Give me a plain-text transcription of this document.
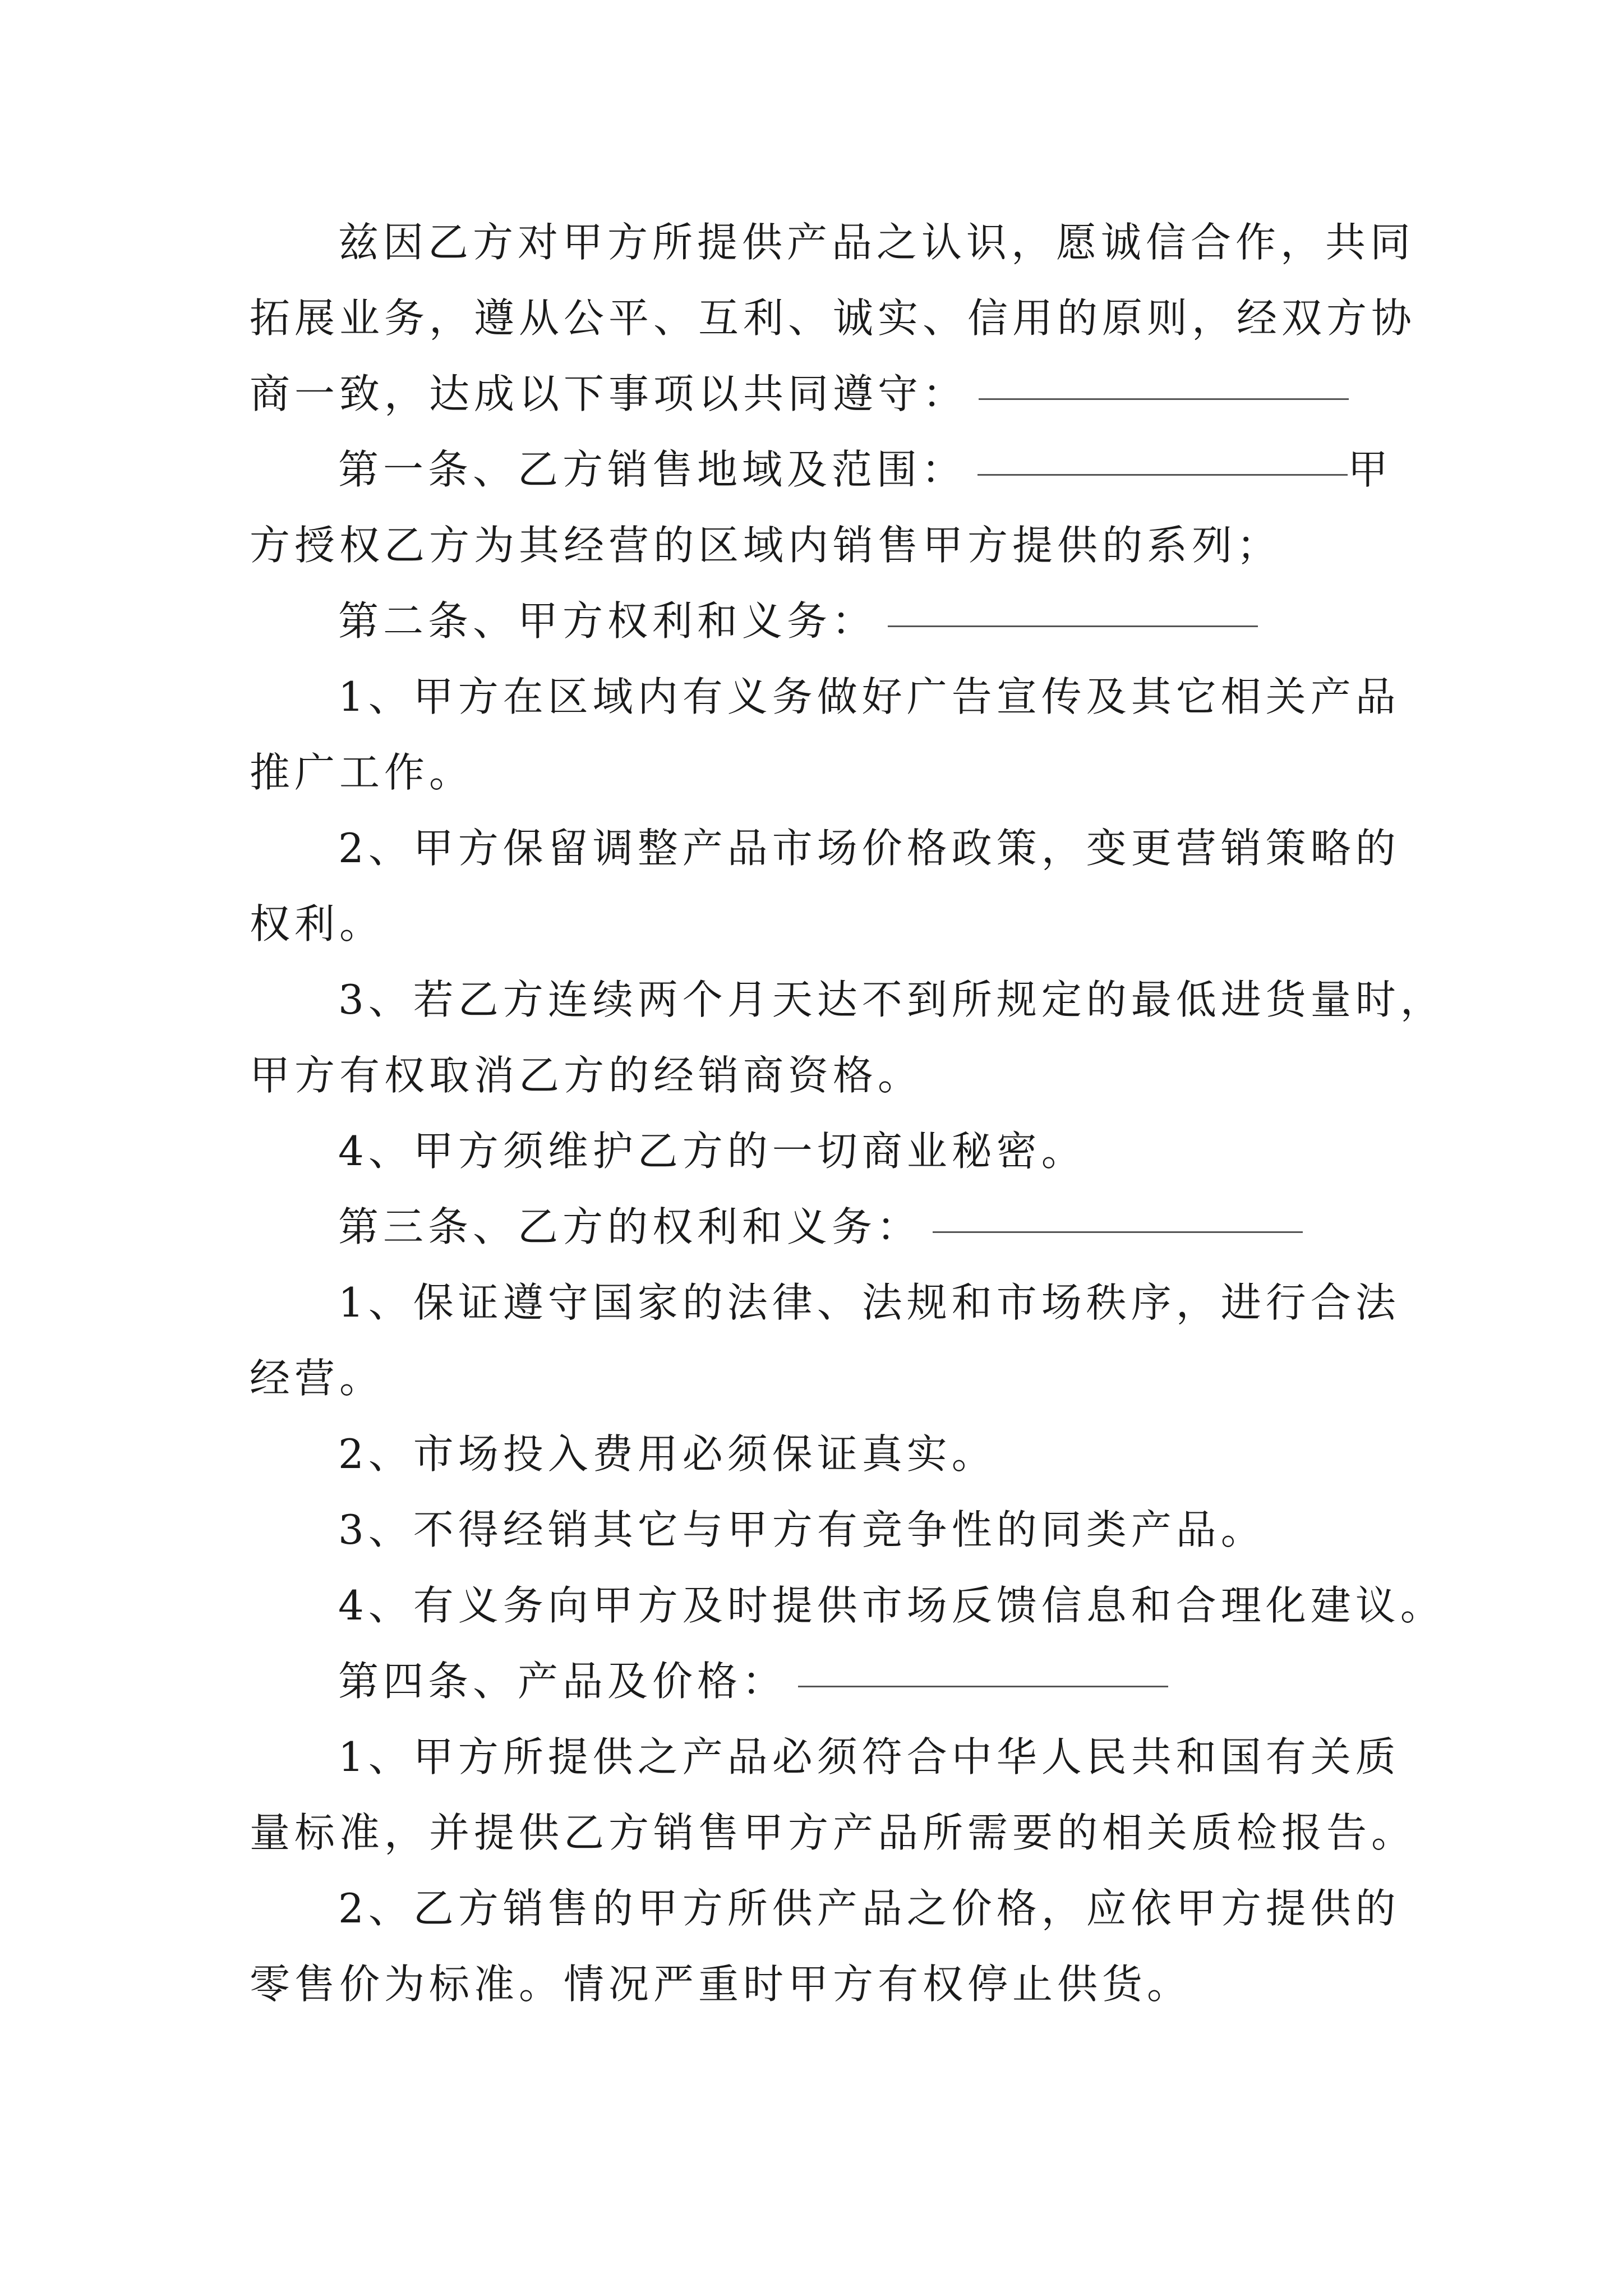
兹因乙方对甲方所提供产品之认识，愿诚信合作，共同
拓展业务，遵从公平、互利、诚实、信用的原则，经双方协
商一致，达成以下事项以共同遵守：
第一条、乙方销售地域及范围：	甲
方授权乙方为其经营的区域内销售甲方提供的系列；
第二条、甲方权利和义务：
1、甲方在区域内有义务做好广告宣传及其它相关产品
推广工作。
2、甲方保留调整产品市场价格政策，变更营销策略的
权利。
3、若乙方连续两个月天达不到所规定的最低进货量时，
甲方有权取消乙方的经销商资格。
4、甲方须维护乙方的一切商业秘密。
第三条、乙方的权利和义务：
1、保证遵守国家的法律、法规和市场秩序，进行合法
经营。
2、市场投入费用必须保证真实。
3、不得经销其它与甲方有竞争性的同类产品。
4、有义务向甲方及时提供市场反馈信息和合理化建议。
第四条、产品及价格：
1、甲方所提供之产品必须符合中华人民共和国有关质
量标准，并提供乙方销售甲方产品所需要的相关质检报告。
2、乙方销售的甲方所供产品之价格，应依甲方提供的
零售价为标准。情况严重时甲方有权停止供货。
